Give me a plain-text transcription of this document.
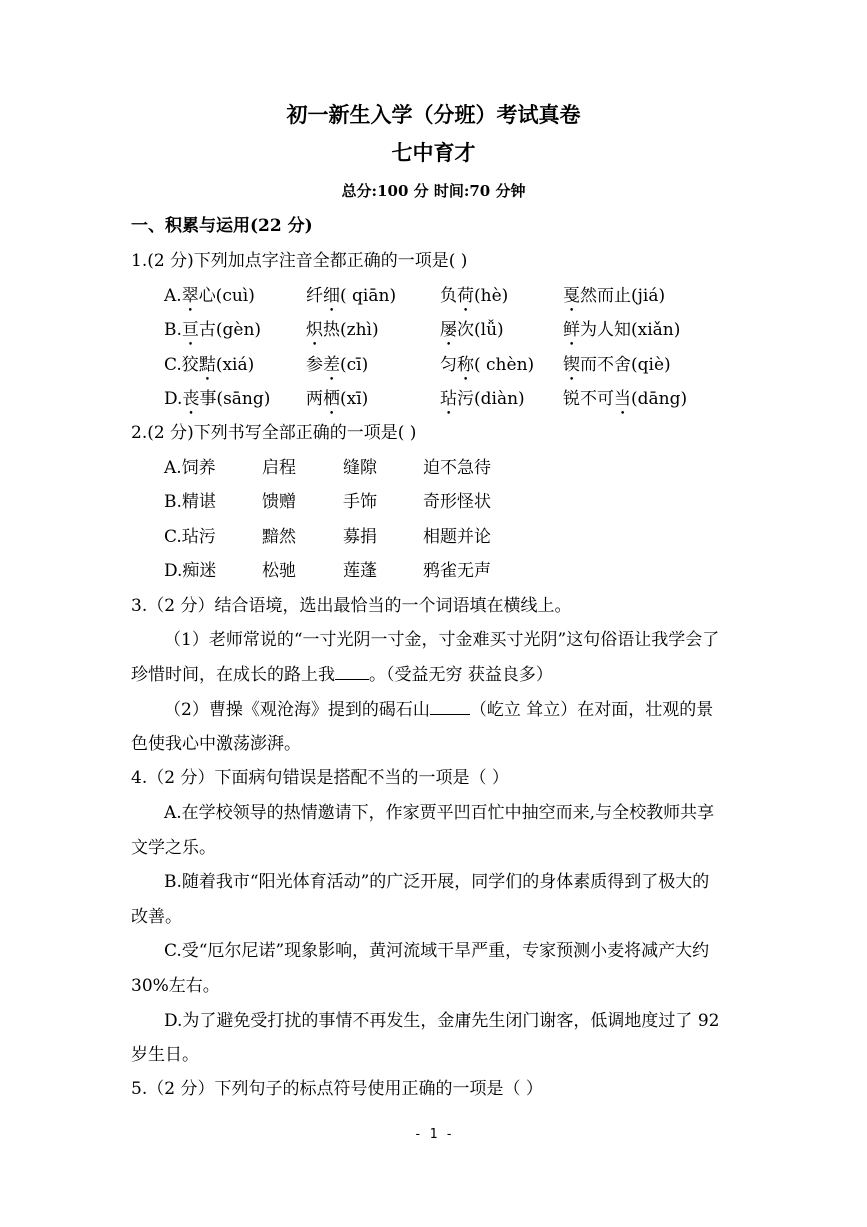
初一新生入学（分班）考试真卷
七中育才
总分:100 分 时间:70 分钟
一、积累与运用(22 分)
1.(2 分)下列加点字注音全都正确的一项是( )
A.翠心(cuì)	纤细( qiān)	负荷(hè)	戛然而止(jiá)
B.亘古(gèn)	炽热(zhì)	屡次(lǚ)	鲜为人知(xiǎn)
C.狡黠(xiá)	参差(cī)	匀称( chèn) 锲而不舍(qiè)
D.丧事(sāng) 两栖(xī)	玷污(diàn) 锐不可当(dāng)
2.(2 分)下列书写全部正确的一项是( )
A.饲养	启程	缝隙	迫不急待
B.精谌	馈赠	手饰	奇形怪状
C.玷污	黯然	募捐	相题并论
D.痴迷	松驰	莲蓬	鸦雀无声
3.（2 分）结合语境，选出最恰当的一个词语填在横线上。
（1）老师常说的“一寸光阴一寸金，寸金难买寸光阴”这句俗语让我学会了
珍惜时间，在成长的路上我 。（受益无穷 获益良多）
（2）曹操《观沧海》提到的碣石山 （屹立 耸立）在对面，壮观的景
色使我心中激荡澎湃。
4.（2 分）下面病句错误是搭配不当的一项是（ ）
A.在学校领导的热情邀请下，作家贾平凹百忙中抽空而来,与全校教师共享
文学之乐。
B.随着我市“阳光体育活动”的广泛开展，同学们的身体素质得到了极大的
改善。
C.受“厄尔尼诺”现象影响，黄河流域干旱严重，专家预测小麦将减产大约
30%左右。
D.为了避免受打扰的事情不再发生，金庸先生闭门谢客，低调地度过了 92
岁生日。
5.（2 分）下列句子的标点符号使用正确的一项是（ ）
- 1 -
